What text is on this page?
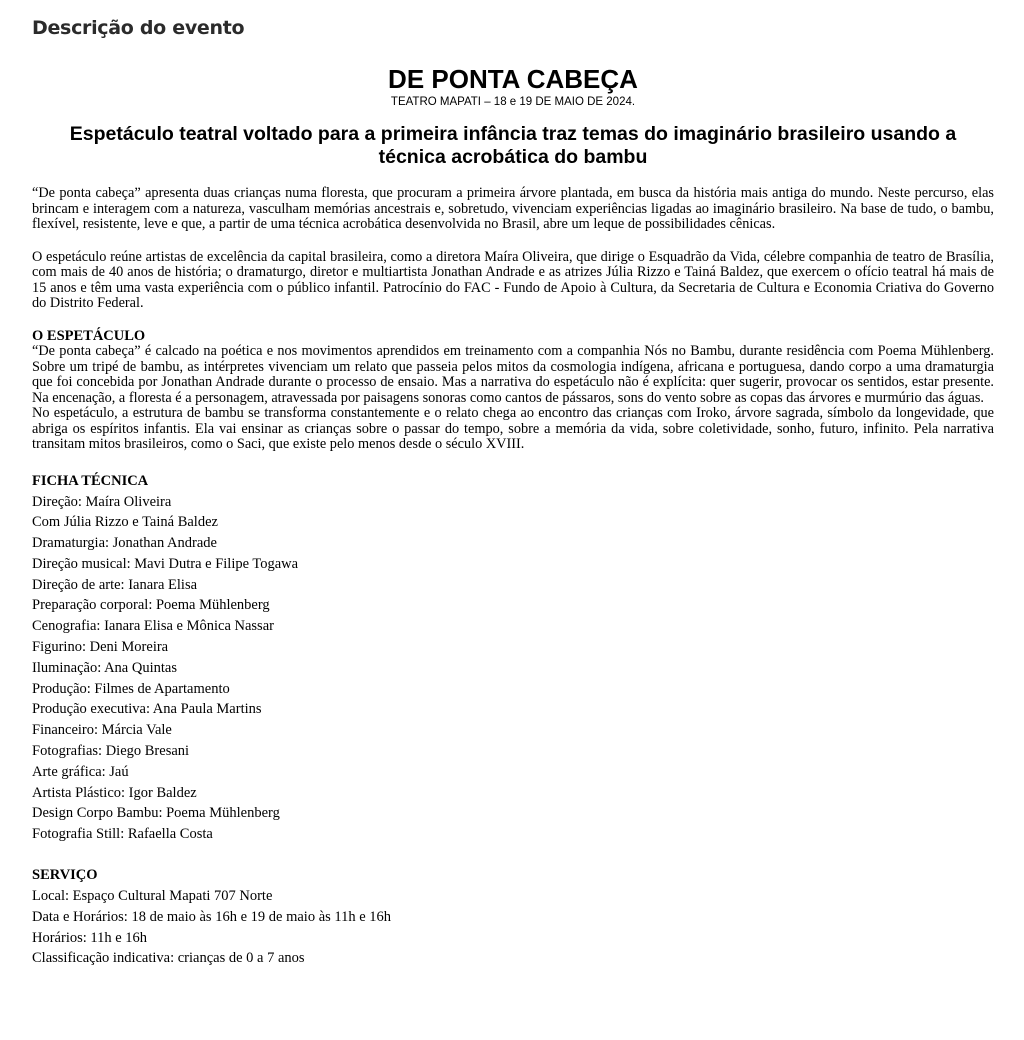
Descrição do evento
DE PONTA CABEÇA

TEATRO MAPATI – 18 e 19 DE MAIO DE 2024.

Espetáculo teatral voltado para a primeira infância traz temas do imaginário brasileiro usando a técnica acrobática do bambu

“De ponta cabeça” apresenta duas crianças numa floresta, que procuram a primeira árvore plantada, em busca da história mais antiga do mundo. Neste percurso, elas brincam e interagem com a natureza, vasculham memórias ancestrais e, sobretudo, vivenciam experiências ligadas ao imaginário brasileiro. Na base de tudo, o bambu, flexível, resistente, leve e que, a partir de uma técnica acrobática desenvolvida no Brasil, abre um leque de possibilidades cênicas.

O espetáculo reúne artistas de excelência da capital brasileira, como a diretora Maíra Oliveira, que dirige o Esquadrão da Vida, célebre companhia de teatro de Brasília, com mais de 40 anos de história; o dramaturgo, diretor e multiartista Jonathan Andrade e as atrizes Júlia Rizzo e Tainá Baldez, que exercem o ofício teatral há mais de 15 anos e têm uma vasta experiência com o público infantil. Patrocínio do FAC - Fundo de Apoio à Cultura, da Secretaria de Cultura e Economia Criativa do Governo do Distrito Federal.

O ESPETÁCULO

“De ponta cabeça” é calcado na poética e nos movimentos aprendidos em treinamento com a companhia Nós no Bambu, durante residência com Poema Mühlenberg. Sobre um tripé de bambu, as intérpretes vivenciam um relato que passeia pelos mitos da cosmologia indígena, africana e portuguesa, dando corpo a uma dramaturgia que foi concebida por Jonathan Andrade durante o processo de ensaio. Mas a narrativa do espetáculo não é explícita: quer sugerir, provocar os sentidos, estar presente. Na encenação, a floresta é a personagem, atravessada por paisagens sonoras como cantos de pássaros, sons do vento sobre as copas das árvores e murmúrio das águas.

No espetáculo, a estrutura de bambu se transforma constantemente e o relato chega ao encontro das crianças com Iroko, árvore sagrada, símbolo da longevidade, que abriga os espíritos infantis. Ela vai ensinar as crianças sobre o passar do tempo, sobre a memória da vida, sobre coletividade, sonho, futuro, infinito. Pela narrativa transitam mitos brasileiros, como o Saci, que existe pelo menos desde o século XVIII.

FICHA TÉCNICA

Direção: Maíra Oliveira
Com Júlia Rizzo e Tainá Baldez
Dramaturgia: Jonathan Andrade
Direção musical: Mavi Dutra e Filipe Togawa
Direção de arte: Ianara Elisa
Preparação corporal: Poema Mühlenberg
Cenografia: Ianara Elisa e Mônica Nassar
Figurino: Deni Moreira
Iluminação: Ana Quintas
Produção: Filmes de Apartamento
Produção executiva: Ana Paula Martins
Financeiro: Márcia Vale
Fotografias: Diego Bresani
Arte gráfica: Jaú
Artista Plástico: Igor Baldez
Design Corpo Bambu: Poema Mühlenberg
Fotografia Still: Rafaella Costa

SERVIÇO

Local: Espaço Cultural Mapati 707 Norte
Data e Horários: 18 de maio às 16h e 19 de maio às 11h e 16h
Horários: 11h e 16h
Classificação indicativa: crianças de 0 a 7 anos
